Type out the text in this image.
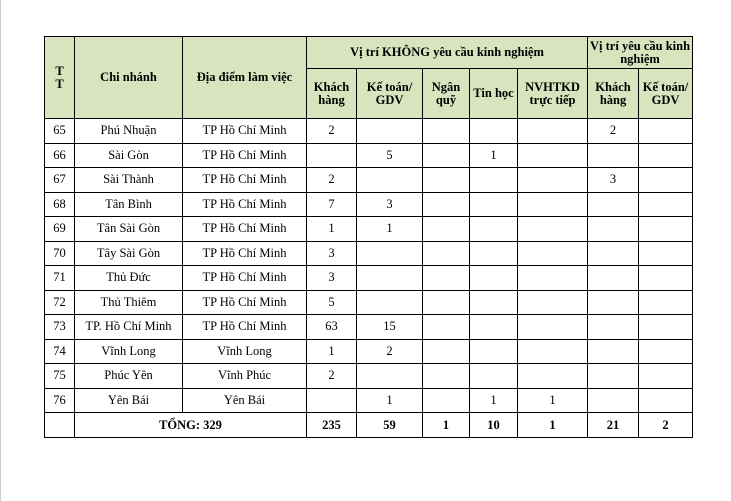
T
T	Chi nhánh	Địa điểm làm việc	Vị trí KHÔNG yêu cầu kinh nghiệm					Vị trí yêu cầu kinh nghiệm	
			Khách hàng	Kế toán/ GDV	Ngân quỹ	Tin học	NVHTKD trực tiếp	Khách hàng	Kế toán/ GDV
65	Phú Nhuận	TP Hồ Chí Minh	2					2	
66	Sài Gòn	TP Hồ Chí Minh		5		1			
67	Sài Thành	TP Hồ Chí Minh	2					3	
68	Tân Bình	TP Hồ Chí Minh	7	3					
69	Tân Sài Gòn	TP Hồ Chí Minh	1	1					
70	Tây Sài Gòn	TP Hồ Chí Minh	3						
71	Thủ Đức	TP Hồ Chí Minh	3						
72	Thủ Thiêm	TP Hồ Chí Minh	5						
73	TP. Hồ Chí Minh	TP Hồ Chí Minh	63	15					
74	Vĩnh Long	Vĩnh Long	1	2					
75	Phúc Yên	Vĩnh Phúc	2						
76	Yên Bái	Yên Bái		1		1	1		
	TỔNG: 329		235	59	1	10	1	21	2
